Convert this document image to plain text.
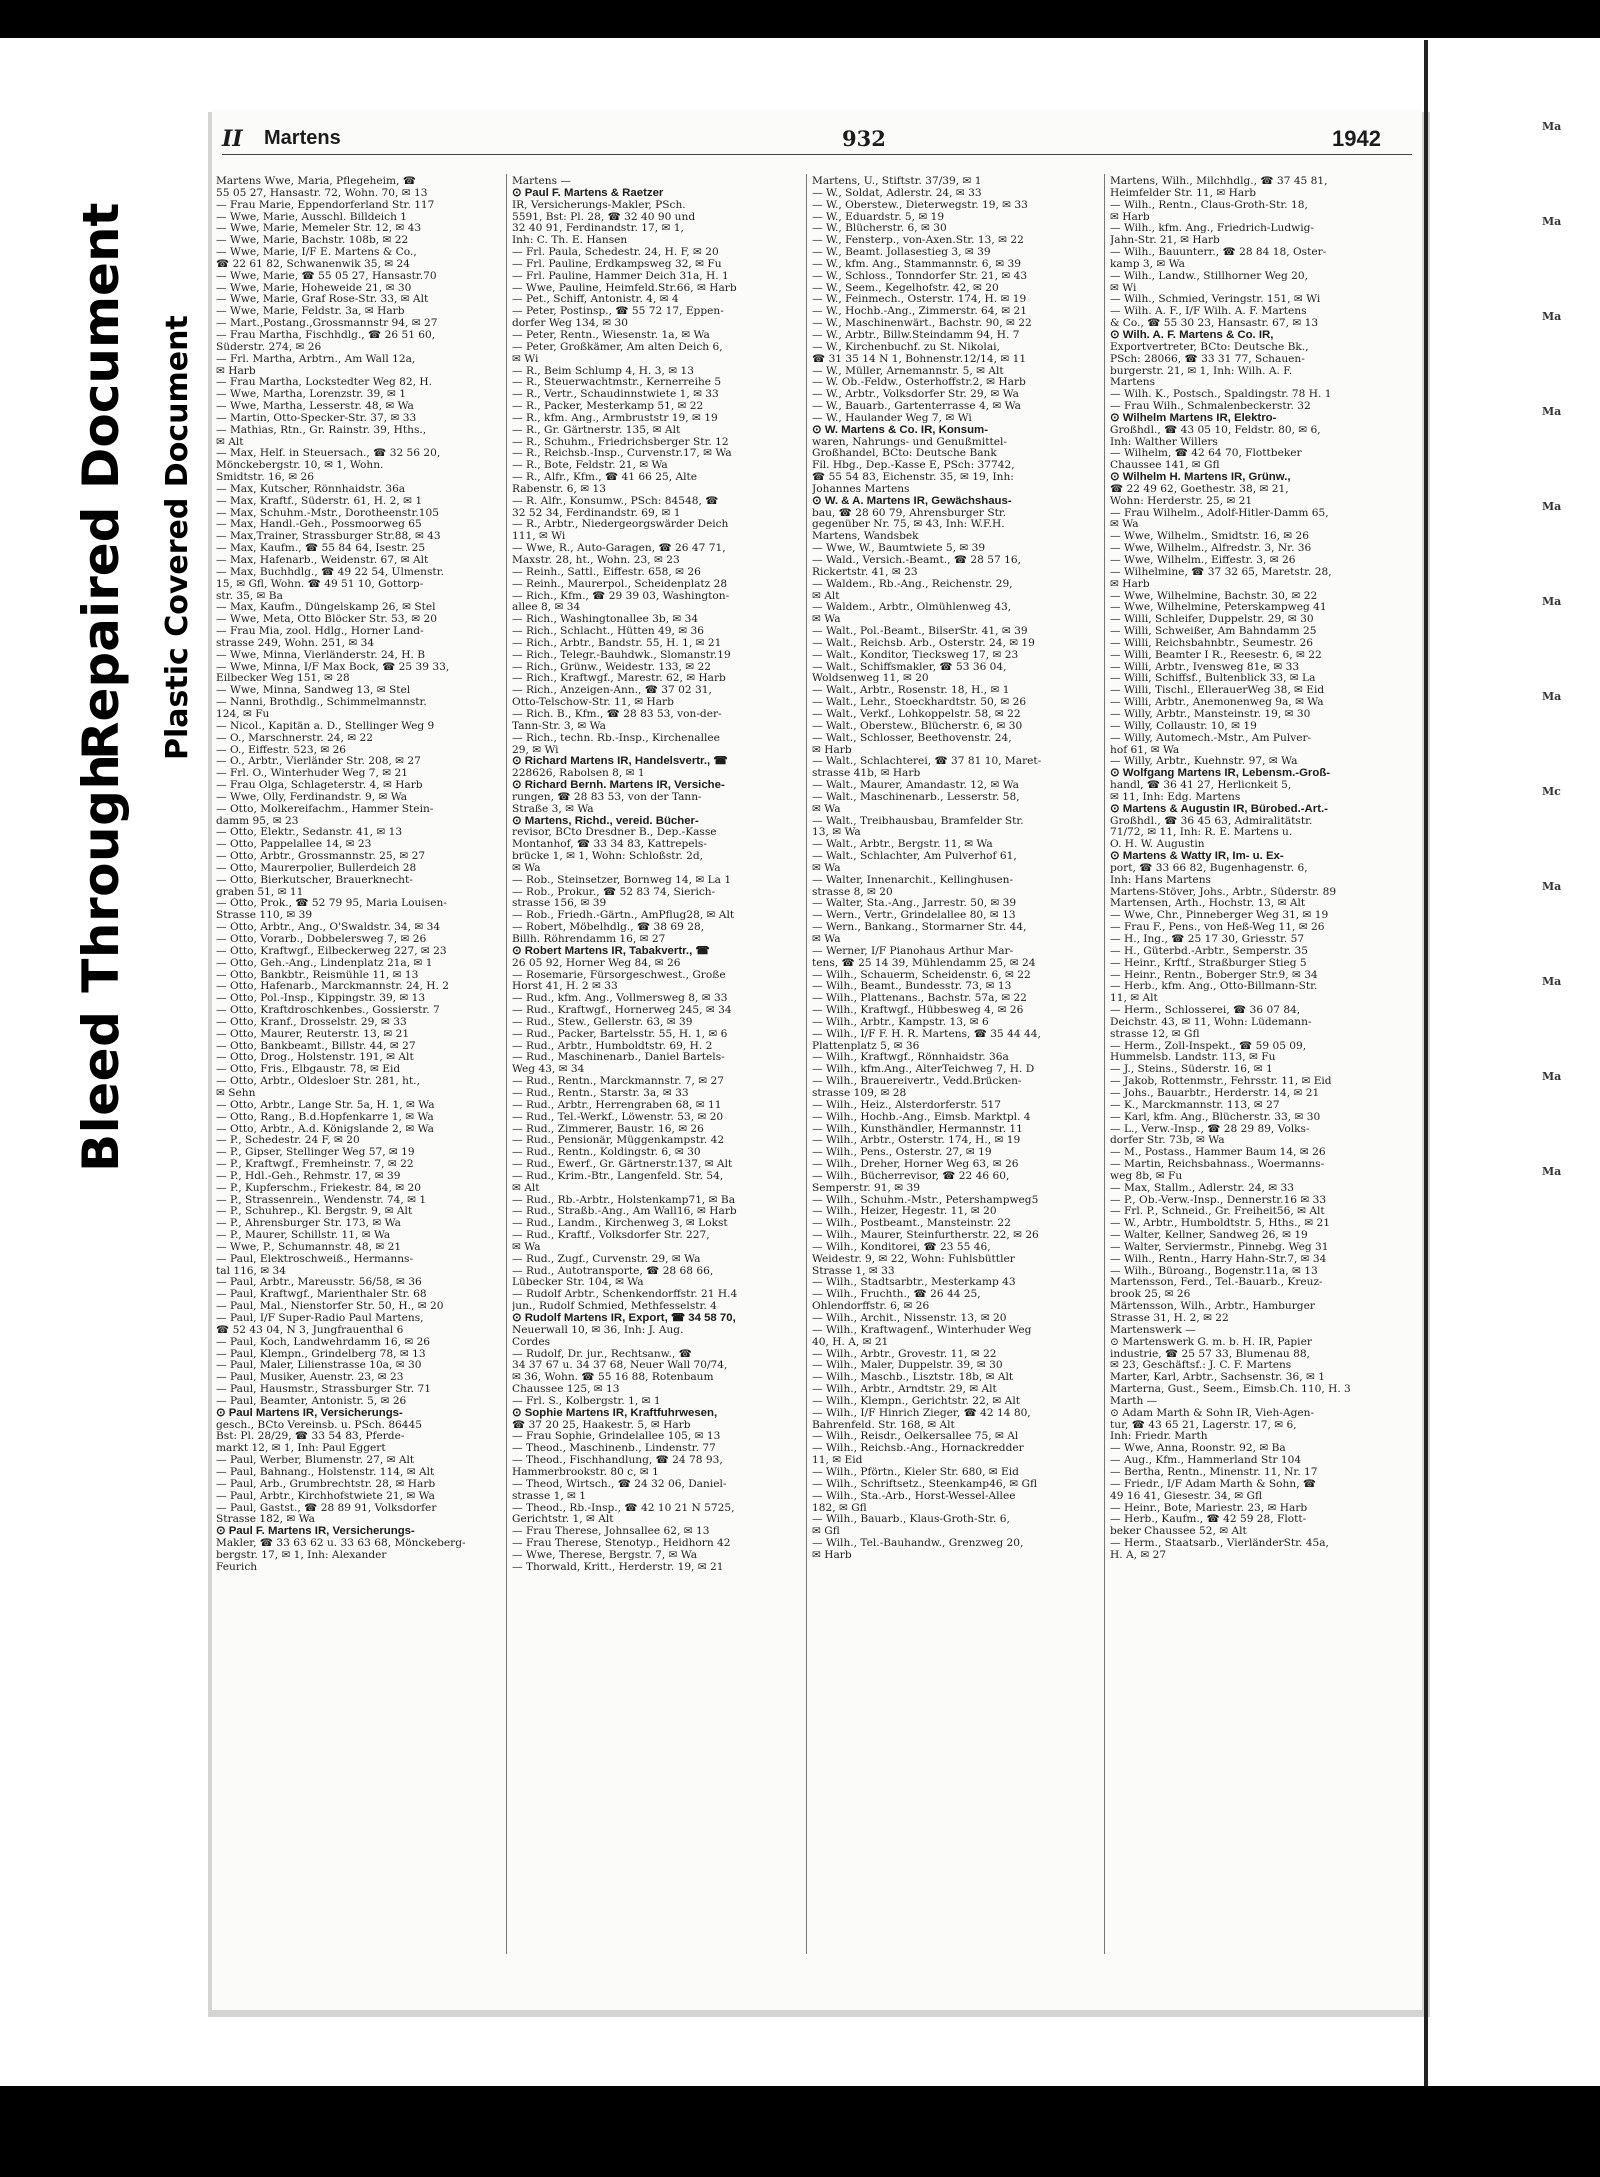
II Martens	932	1942
Martens Wwe, Maria, Pflegeheim, ☎
55 05 27, Hansastr. 72, Wohn. 70, ✉ 13
— Frau Marie, Eppendorferland Str. 117
— Wwe, Marie, Ausschl. Billdeich 1
— Wwe, Marie, Memeler Str. 12, ✉ 43
— Wwe, Marie, Bachstr. 108b, ✉ 22
— Wwe, Marie, I/F E. Martens & Co.,
☎ 22 61 82, Schwanenwik 35, ✉ 24
— Wwe, Marie, ☎ 55 05 27, Hansastr.70
— Wwe, Marie, Hoheweide 21, ✉ 30
— Wwe, Marie, Graf Rose-Str. 33, ✉ Alt
— Wwe, Marie, Feldstr. 3a, ✉ Harb
— Mart.,Postang.,Grossmannstr 94, ✉ 27
— Frau Martha, Fischhdlg., ☎ 26 51 60,
Süderstr. 274, ✉ 26
— Frl. Martha, Arbtrn., Am Wall 12a,
✉ Harb
— Frau Martha, Lockstedter Weg 82, H.
— Wwe, Martha, Lorenzstr. 39, ✉ 1
— Wwe, Martha, Lesserstr. 48, ✉ Wa
— Martin, Otto-Specker-Str. 37, ✉ 33
— Mathias, Rtn., Gr. Rainstr. 39, Hths.,
✉ Alt
— Max, Helf. in Steuersach., ☎ 32 56 20,
Mönckebergstr. 10, ✉ 1, Wohn.
Smidtstr. 16, ✉ 26
— Max, Kutscher, Rönnhaidstr. 36a
— Max, Kraftf., Süderstr. 61, H. 2, ✉ 1
— Max, Schuhm.-Mstr., Dorotheenstr.105
— Max, Handl.-Geh., Possmoorweg 65
— Max,Trainer, Strassburger Str.88, ✉ 43
— Max, Kaufm., ☎ 55 84 64, Isestr. 25
— Max, Hafenarb., Weidenstr. 67, ✉ Alt
— Max, Buchhdlg., ☎ 49 22 54, Ulmenstr.
15, ✉ Gfl, Wohn. ☎ 49 51 10, Gottorp-
str. 35, ✉ Ba
— Max, Kaufm., Düngelskamp 26, ✉ Stel
— Wwe, Meta, Otto Blöcker Str. 53, ✉ 20
— Frau Mia, zool. Hdlg., Horner Land-
strasse 249, Wohn. 251, ✉ 34
— Wwe, Minna, Vierländerstr. 24, H. B
— Wwe, Minna, I/F Max Bock, ☎ 25 39 33,
Eilbecker Weg 151, ✉ 28
— Wwe, Minna, Sandweg 13, ✉ Stel
— Nanni, Brothdlg., Schimmelmannstr.
124, ✉ Fu
— Nicol., Kapitän a. D., Stellinger Weg 9
— O., Marschnerstr. 24, ✉ 22
— O., Eiffestr. 523, ✉ 26
— O., Arbtr., Vierländer Str. 208, ✉ 27
— Frl. O., Winterhuder Weg 7, ✉ 21
— Frau Olga, Schlageterstr. 4, ✉ Harb
— Wwe, Olly, Ferdinandstr. 9, ✉ Wa
— Otto, Molkereifachm., Hammer Stein-
damm 95, ✉ 23
— Otto, Elektr., Sedanstr. 41, ✉ 13
— Otto, Pappelallee 14, ✉ 23
— Otto, Arbtr., Grossmannstr. 25, ✉ 27
— Otto, Maurerpolier, Bullerdeich 28
— Otto, Bierkutscher, Brauerknecht-
graben 51, ✉ 11
— Otto, Prok., ☎ 52 79 95, Maria Louisen-
Strasse 110, ✉ 39
— Otto, Arbtr., Ang., O'Swaldstr. 34, ✉ 34
— Otto, Vorarb., Dobbelersweg 7, ✉ 26
— Otto, Kraftwgf., Eilbeckerweg 227, ✉ 23
— Otto, Geh.-Ang., Lindenplatz 21a, ✉ 1
— Otto, Bankbtr., Reismühle 11, ✉ 13
— Otto, Hafenarb., Marckmannstr. 24, H. 2
— Otto, Pol.-Insp., Kippingstr. 39, ✉ 13
— Otto, Kraftdroschkenbes., Gossierstr. 7
— Otto, Kranf., Drosselstr. 29, ✉ 33
— Otto, Maurer, Reuterstr. 13, ✉ 21
— Otto, Bankbeamt., Billstr. 44, ✉ 27
— Otto, Drog., Holstenstr. 191, ✉ Alt
— Otto, Fris., Elbgaustr. 78, ✉ Eid
— Otto, Arbtr., Oldesloer Str. 281, ht.,
✉ Sehn
— Otto, Arbtr., Lange Str. 5a, H. 1, ✉ Wa
— Otto, Rang., B.d.Hopfenkarre 1, ✉ Wa
— Otto, Arbtr., A.d. Königslande 2, ✉ Wa
— P., Schedestr. 24 F, ✉ 20
— P., Gipser, Stellinger Weg 57, ✉ 19
— P., Kraftwgf., Fremheinstr. 7, ✉ 22
— P., Hdl.-Geh., Rehmstr. 17, ✉ 39
— P., Kupferschm., Friekestr. 84, ✉ 20
— P., Strassenrein., Wendenstr. 74, ✉ 1
— P., Schuhrep., Kl. Bergstr. 9, ✉ Alt
— P., Ahrensburger Str. 173, ✉ Wa
— P., Maurer, Schillstr. 11, ✉ Wa
— Wwe, P., Schumannstr. 48, ✉ 21
— Paul, Elektroschweiß., Hermanns-
tal 116, ✉ 34
— Paul, Arbtr., Mareusstr. 56/58, ✉ 36
— Paul, Kraftwgf., Marienthaler Str. 68
— Paul, Mal., Nienstorfer Str. 50, H., ✉ 20
— Paul, I/F Super-Radio Paul Martens,
☎ 52 43 04, N 3, Jungfrauenthal 6
— Paul, Koch, Landwehrdamm 16, ✉ 26
— Paul, Klempn., Grindelberg 78, ✉ 13
— Paul, Maler, Lilienstrasse 10a, ✉ 30
— Paul, Musiker, Auenstr. 23, ✉ 23
— Paul, Hausmstr., Strassburger Str. 71
— Paul, Beamter, Antonistr. 5, ✉ 26
⊙ Paul Martens IR, Versicherungs-
gesch., BCto Vereinsb. u. PSch. 86445
Bst: Pl. 28/29, ☎ 33 54 83, Pferde-
markt 12, ✉ 1, Inh: Paul Eggert
— Paul, Werber, Blumenstr. 27, ✉ Alt
— Paul, Bahnang., Holstenstr. 114, ✉ Alt
— Paul, Arb., Grumbrechtstr. 28, ✉ Harb
— Paul, Arbtr., Kirchhofstwiete 21, ✉ Wa
— Paul, Gastst., ☎ 28 89 91, Volksdorfer
Strasse 182, ✉ Wa
⊙ Paul F. Martens IR, Versicherungs-
Makler, ☎ 33 63 62 u. 33 63 68, Mönckeberg-
bergstr. 17, ✉ 1, Inh: Alexander
Feurich
Martens —
⊙ Paul F. Martens & Raetzer
IR, Versicherungs-Makler, PSch.
5591, Bst: Pl. 28, ☎ 32 40 90 und
32 40 91, Ferdinandstr. 17, ✉ 1,
Inh: C. Th. E. Hansen
— Frl. Paula, Schedestr. 24, H. F, ✉ 20
— Frl. Pauline, Erdkampsweg 32, ✉ Fu
— Frl. Pauline, Hammer Deich 31a, H. 1
— Wwe, Pauline, Heimfeld.Str.66, ✉ Harb
— Pet., Schiff, Antonistr. 4, ✉ 4
— Peter, Postinsp., ☎ 55 72 17, Eppen-
dorfer Weg 134, ✉ 30
— Peter, Rentn., Wiesenstr. 1a, ✉ Wa
— Peter, Großkämer, Am alten Deich 6,
✉ Wi
— R., Beim Schlump 4, H. 3, ✉ 13
— R., Steuerwachtmstr., Kernerreihe 5
— R., Vertr., Schaudinnstwiete 1, ✉ 33
— R., Packer, Mesterkamp 51, ✉ 22
— R., kfm. Ang., Armbruststr 19, ✉ 19
— R., Gr. Gärtnerstr. 135, ✉ Alt
— R., Schuhm., Friedrichsberger Str. 12
— R., Reichsb.-Insp., Curvenstr.17, ✉ Wa
— R., Bote, Feldstr. 21, ✉ Wa
— R., Alfr., Kfm., ☎ 41 66 25, Alte
Rabenstr. 6, ✉ 13
— R. Alfr., Konsumw., PSch: 84548, ☎
32 52 34, Ferdinandstr. 69, ✉ 1
— R., Arbtr., Niedergeorgswärder Deich
111, ✉ Wi
— Wwe, R., Auto-Garagen, ☎ 26 47 71,
Maxstr. 28, ht., Wohn. 23, ✉ 23
— Reinh., Sattl., Eiffestr. 658, ✉ 26
— Reinh., Maurerpol., Scheidenplatz 28
— Rich., Kfm., ☎ 29 39 03, Washington-
allee 8, ✉ 34
— Rich., Washingtonallee 3b, ✉ 34
— Rich., Schlacht., Hütten 49, ✉ 36
— Rich., Arbtr., Bandstr. 55, H. 1, ✉ 21
— Rich., Telegr.-Bauhdwk., Slomanstr.19
— Rich., Grünw., Weidestr. 133, ✉ 22
— Rich., Kraftwgf., Marestr. 62, ✉ Harb
— Rich., Anzeigen-Ann., ☎ 37 02 31,
Otto-Telschow-Str. 11, ✉ Harb
— Rich. B., Kfm., ☎ 28 83 53, von-der-
Tann-Str. 3, ✉ Wa
— Rich., techn. Rb.-Insp., Kirchenallee
29, ✉ Wi
⊙ Richard Martens IR, Handelsvertr., ☎
228626, Rabolsen 8, ✉ 1
⊙ Richard Bernh. Martens IR, Versiche-
rungen, ☎ 28 83 53, von der Tann-
Straße 3, ✉ Wa
⊙ Martens, Richd., vereid. Bücher-
revisor, BCto Dresdner B., Dep.-Kasse
Montanhof, ☎ 33 34 83, Kattrepels-
brücke 1, ✉ 1, Wohn: Schloßstr. 2d,
✉ Wa
— Rob., Steinsetzer, Bornweg 14, ✉ La 1
— Rob., Prokur., ☎ 52 83 74, Sierich-
strasse 156, ✉ 39
— Rob., Friedh.-Gärtn., AmPflug28, ✉ Alt
— Robert, Möbelhdlg., ☎ 38 69 28,
Billh. Röhrendamm 16, ✉ 27
⊙ Robert Martens IR, Tabakvertr., ☎
26 05 92, Horner Weg 84, ✉ 26
— Rosemarie, Fürsorgeschwest., Große
Horst 41, H. 2 ✉ 33
— Rud., kfm. Ang., Vollmersweg 8, ✉ 33
— Rud., Kraftwgf., Hornerweg 245, ✉ 34
— Rud., Stew., Gellerstr. 63, ✉ 39
— Rud., Packer, Bartelsstr. 55, H. 1, ✉ 6
— Rud., Arbtr., Humboldtstr. 69, H. 2
— Rud., Maschinenarb., Daniel Bartels-
Weg 43, ✉ 34
— Rud., Rentn., Marckmannstr. 7, ✉ 27
— Rud., Rentn., Starstr. 3a, ✉ 33
— Rud., Arbtr., Herrengraben 68, ✉ 11
— Rud., Tel.-Werkf., Löwenstr. 53, ✉ 20
— Rud., Zimmerer, Baustr. 16, ✉ 26
— Rud., Pensionär, Müggenkampstr. 42
— Rud., Rentn., Koldingstr. 6, ✉ 30
— Rud., Ewerf., Gr. Gärtnerstr.137, ✉ Alt
— Rud., Krim.-Btr., Langenfeld. Str. 54,
✉ Alt
— Rud., Rb.-Arbtr., Holstenkamp71, ✉ Ba
— Rud., Straßb.-Ang., Am Wall16, ✉ Harb
— Rud., Landm., Kirchenweg 3, ✉ Lokst
— Rud., Kraftf., Volksdorfer Str. 227,
✉ Wa
— Rud., Zugf., Curvenstr. 29, ✉ Wa
— Rud., Autotransporte, ☎ 28 68 66,
Lübecker Str. 104, ✉ Wa
— Rudolf Arbtr., Schenkendorffstr. 21 H.4
jun., Rudolf Schmied, Methfesselstr. 4
⊙ Rudolf Martens IR, Export, ☎ 34 58 70,
Neuerwall 10, ✉ 36, Inh: J. Aug.
Cordes
— Rudolf, Dr. jur., Rechtsanw., ☎
34 37 67 u. 34 37 68, Neuer Wall 70/74,
✉ 36, Wohn. ☎ 55 16 88, Rotenbaum
Chaussee 125, ✉ 13
— Frl. S., Kolbergstr. 1, ✉ 1
⊙ Sophie Martens IR, Kraftfuhrwesen,
☎ 37 20 25, Haakestr. 5, ✉ Harb
— Frau Sophie, Grindelallee 105, ✉ 13
— Theod., Maschinenb., Lindenstr. 77
— Theod., Fischhandlung, ☎ 24 78 93,
Hammerbrookstr. 80 c, ✉ 1
— Theod, Wirtsch., ☎ 24 32 06, Daniel-
strasse 1, ✉ 1
— Theod., Rb.-Insp., ☎ 42 10 21 N 5725,
Gerichtstr. 1, ✉ Alt
— Frau Therese, Johnsallee 62, ✉ 13
— Frau Therese, Stenotyp., Heidhorn 42
— Wwe, Therese, Bergstr. 7, ✉ Wa
— Thorwald, Kritt., Herderstr. 19, ✉ 21
Martens, U., Stiftstr. 37/39, ✉ 1
— W., Soldat, Adlerstr. 24, ✉ 33
— W., Oberstew., Dieterwegstr. 19, ✉ 33
— W., Eduardstr. 5, ✉ 19
— W., Blücherstr. 6, ✉ 30
— W., Fensterp., von-Axen.Str. 13, ✉ 22
— W., Beamt. Jollasestieg 3, ✉ 39
— W., kfm. Ang., Stammannstr. 6, ✉ 39
— W., Schloss., Tonndorfer Str. 21, ✉ 43
— W., Seem., Kegelhofstr. 42, ✉ 20
— W., Feinmech., Osterstr. 174, H. ✉ 19
— W., Hochb.-Ang., Zimmerstr. 64, ✉ 21
— W., Maschinenwärt., Bachstr. 90, ✉ 22
— W., Arbtr., Billw.Steindamm 94, H. 7
— W., Kirchenbuchf. zu St. Nikolai,
☎ 31 35 14 N 1, Bohnenstr.12/14, ✉ 11
— W., Müller, Arnemannstr. 5, ✉ Alt
— W. Ob.-Feldw., Osterhoffstr.2, ✉ Harb
— W., Arbtr., Volksdorfer Str. 29, ✉ Wa
— W., Bauarb., Gartenterrasse 4, ✉ Wa
— W., Haulander Weg 7, ✉ Wi
⊙ W. Martens & Co. IR, Konsum-
waren, Nahrungs- und Genußmittel-
Großhandel, BCto: Deutsche Bank
Fil. Hbg., Dep.-Kasse E, PSch: 37742,
☎ 55 54 83, Eichenstr. 35, ✉ 19, Inh:
Johannes Martens
⊙ W. & A. Martens IR, Gewächshaus-
bau, ☎ 28 60 79, Ahrensburger Str.
gegenüber Nr. 75, ✉ 43, Inh: W.F.H.
Martens, Wandsbek
— Wwe, W., Baumtwiete 5, ✉ 39
— Wald., Versich.-Beamt., ☎ 28 57 16,
Rickertstr. 41, ✉ 23
— Waldem., Rb.-Ang., Reichenstr. 29,
✉ Alt
— Waldem., Arbtr., Ölmühlenweg 43,
✉ Wa
— Walt., Pol.-Beamt., BilserStr. 41, ✉ 39
— Walt., Reichsb. Arb., Osterstr. 24, ✉ 19
— Walt., Konditor, Tiecksweg 17, ✉ 23
— Walt., Schiffsmakler, ☎ 53 36 04,
Woldsenweg 11, ✉ 20
— Walt., Arbtr., Rosenstr. 18, H., ✉ 1
— Walt., Lehr., Stoeckhardtstr. 50, ✉ 26
— Walt., Verkf., Lohkoppelstr. 58, ✉ 22
— Walt., Oberstew., Blücherstr. 6, ✉ 30
— Walt., Schlosser, Beethovenstr. 24,
✉ Harb
— Walt., Schlachterei, ☎ 37 81 10, Maret-
strasse 41b, ✉ Harb
— Walt., Maurer, Amandastr. 12, ✉ Wa
— Walt., Maschinenarb., Lesserstr. 58,
✉ Wa
— Walt., Treibhausbau, Bramfelder Str.
13, ✉ Wa
— Walt., Arbtr., Bergstr. 11, ✉ Wa
— Walt., Schlachter, Am Pulverhof 61,
✉ Wa
— Walter, Innenarchit., Kellinghusen-
strasse 8, ✉ 20
— Walter, Sta.-Ang., Jarrestr. 50, ✉ 39
— Wern., Vertr., Grindelallee 80, ✉ 13
— Wern., Bankang., Stormarner Str. 44,
✉ Wa
— Werner, I/F Pianohaus Arthur Mar-
tens, ☎ 25 14 39, Mühlendamm 25, ✉ 24
— Wilh., Schauerm, Scheidenstr. 6, ✉ 22
— Wilh., Beamt., Bundesstr. 73, ✉ 13
— Wilh., Plattenans., Bachstr. 57a, ✉ 22
— Wilh., Kraftwgf., Hübbesweg 4, ✉ 26
— Wilh., Arbtr., Kampstr. 13, ✉ 6
— Wilh., I/F F. H. R. Martens, ☎ 35 44 44,
Plattenplatz 5, ✉ 36
— Wilh., Kraftwgf., Rönnhaidstr. 36a
— Wilh., kfm.Ang., AlterTeichweg 7, H. D
— Wilh., Brauereivertr., Vedd.Brücken-
strasse 109, ✉ 28
— Wilh., Heiz., Alsterdorferstr. 517
— Wilh., Hochb.-Ang., Eimsb. Marktpl. 4
— Wilh., Kunsthändler, Hermannstr. 11
— Wilh., Arbtr., Osterstr. 174, H., ✉ 19
— Wilh., Pens., Osterstr. 27, ✉ 19
— Wilh., Dreher, Horner Weg 63, ✉ 26
— Wilh., Bücherrevisor, ☎ 22 46 60,
Semperstr. 91, ✉ 39
— Wilh., Schuhm.-Mstr., Petershampweg5
— Wilh., Heizer, Hegestr. 11, ✉ 20
— Wilh., Postbeamt., Mansteinstr. 22
— Wilh., Maurer, Steinfurtherstr. 22, ✉ 26
— Wilh., Konditorei, ☎ 23 55 46,
Weidestr. 9, ✉ 22, Wohn: Fuhlsbüttler
Strasse 1, ✉ 33
— Wilh., Stadtsarbtr., Mesterkamp 43
— Wilh., Fruchth., ☎ 26 44 25,
Ohlendorffstr. 6, ✉ 26
— Wilh., Archit., Nissenstr. 13, ✉ 20
— Wilh., Kraftwagenf., Winterhuder Weg
40, H. A, ✉ 21
— Wilh., Arbtr., Grovestr. 11, ✉ 22
— Wilh., Maler, Duppelstr. 39, ✉ 30
— Wilh., Maschb., Lisztstr. 18b, ✉ Alt
— Wilh., Arbtr., Arndtstr. 29, ✉ Alt
— Wilh., Klempn., Gerichtstr. 22, ✉ Alt
— Wilh., I/F Hinrich Zieger, ☎ 42 14 80,
Bahrenfeld. Str. 168, ✉ Alt
— Wilh., Reisdr., Oelkersallee 75, ✉ Al
— Wilh., Reichsb.-Ang., Hornackredder
11, ✉ Eid
— Wilh., Pförtn., Kieler Str. 680, ✉ Eid
— Wilh., Schriftsetz., Steenkamp46, ✉ Gfl
— Wilh., Sta.-Arb., Horst-Wessel-Allee
182, ✉ Gfl
— Wilh., Bauarb., Klaus-Groth-Str. 6,
✉ Gfl
— Wilh., Tel.-Bauhandw., Grenzweg 20,
✉ Harb
Martens, Wilh., Milchhdlg., ☎ 37 45 81,
Heimfelder Str. 11, ✉ Harb
— Wilh., Rentn., Claus-Groth-Str. 18,
✉ Harb
— Wilh., kfm. Ang., Friedrich-Ludwig-
Jahn-Str. 21, ✉ Harb
— Wilh., Bauunterr., ☎ 28 84 18, Oster-
kamp 3, ✉ Wa
— Wilh., Landw., Stillhorner Weg 20,
✉ Wi
— Wilh., Schmied, Veringstr. 151, ✉ Wi
— Wilh. A. F., I/F Wilh. A. F. Martens
& Co., ☎ 55 30 23, Hansastr. 67, ✉ 13
⊙ Wilh. A. F. Martens & Co. IR,
Exportvertreter, BCto: Deutsche Bk.,
PSch: 28066, ☎ 33 31 77, Schauen-
burgerstr. 21, ✉ 1, Inh: Wilh. A. F.
Martens
— Wilh. K., Postsch., Spaldingstr. 78 H. 1
— Frau Wilh., Schmalenbeckerstr. 32
⊙ Wilhelm Martens IR, Elektro-
Großhdl., ☎ 43 05 10, Feldstr. 80, ✉ 6,
Inh: Walther Willers
— Wilhelm, ☎ 42 64 70, Flottbeker
Chaussee 141, ✉ Gfl
⊙ Wilhelm H. Martens IR, Grünw.,
☎ 22 49 62, Goethestr. 38, ✉ 21,
Wohn: Herderstr. 25, ✉ 21
— Frau Wilhelm., Adolf-Hitler-Damm 65,
✉ Wa
— Wwe, Wilhelm., Smidtstr. 16, ✉ 26
— Wwe, Wilhelm., Alfredstr. 3, Nr. 36
— Wwe, Wilhelm., Eiffestr. 3, ✉ 26
— Wilhelmine, ☎ 37 32 65, Maretstr. 28,
✉ Harb
— Wwe, Wilhelmine, Bachstr. 30, ✉ 22
— Wwe, Wilhelmine, Peterskampweg 41
— Willi, Schleifer, Duppelstr. 29, ✉ 30
— Willi, Schweißer, Am Bahndamm 25
— Willi, Reichsbahnbtr., Seumestr. 26
— Willi, Beamter I R., Reesestr. 6, ✉ 22
— Willi, Arbtr., Ivensweg 81e, ✉ 33
— Willi, Schiffsf., Bultenblick 33, ✉ La
— Willi, Tischl., EllerauerWeg 38, ✉ Eid
— Willi, Arbtr., Anemonenweg 9a, ✉ Wa
— Willy, Arbtr., Mansteinstr. 19, ✉ 30
— Willy, Collaustr. 10, ✉ 19
— Willy, Automech.-Mstr., Am Pulver-
hof 61, ✉ Wa
— Willy, Arbtr., Kuehnstr. 97, ✉ Wa
⊙ Wolfgang Martens IR, Lebensm.-Groß-
handl, ☎ 36 41 27, Herlicnkeit 5,
✉ 11, Inh: Edg. Martens
⊙ Martens & Augustin IR, Bürobed.-Art.-
Großhdl., ☎ 36 45 63, Admiralitätstr.
71/72, ✉ 11, Inh: R. E. Martens u.
O. H. W. Augustin
⊙ Martens & Watty IR, Im- u. Ex-
port, ☎ 33 66 82, Bugenhagenstr. 6,
Inh: Hans Martens
Martens-Stöver, Johs., Arbtr., Süderstr. 89
Martensen, Arth., Hochstr. 13, ✉ Alt
— Wwe, Chr., Pinneberger Weg 31, ✉ 19
— Frau F., Pens., von Heß-Weg 11, ✉ 26
— H., Ing., ☎ 25 17 30, Griesstr. 57
— H., Güterbd.-Arbtr., Semperstr. 35
— Heinr., Krftf., Straßburger Stieg 5
— Heinr., Rentn., Boberger Str.9, ✉ 34
— Herb., kfm. Ang., Otto-Billmann-Str.
11, ✉ Alt
— Herm., Schlosserei, ☎ 36 07 84,
Deichstr. 43, ✉ 11, Wohn: Lüdemann-
strasse 12, ✉ Gfl
— Herm., Zoll-Inspekt., ☎ 59 05 09,
Hummelsb. Landstr. 113, ✉ Fu
— J., Steins., Süderstr. 16, ✉ 1
— Jakob, Rottenmstr., Fehrsstr. 11, ✉ Eid
— Johs., Bauarbtr., Herderstr. 14, ✉ 21
— K., Marckmannstr. 113, ✉ 27
— Karl, kfm. Ang., Blücherstr. 33, ✉ 30
— L., Verw.-Insp., ☎ 28 29 89, Volks-
dorfer Str. 73b, ✉ Wa
— M., Postass., Hammer Baum 14, ✉ 26
— Martin, Reichsbahnass., Woermanns-
weg 8b, ✉ Fu
— Max, Stallm., Adlerstr. 24, ✉ 33
— P., Ob.-Verw.-Insp., Dennerstr.16 ✉ 33
— Frl. P., Schneid., Gr. Freiheit56, ✉ Alt
— W., Arbtr., Humboldtstr. 5, Hths., ✉ 21
— Walter, Kellner, Sandweg 26, ✉ 19
— Walter, Serviermstr., Pinnebg. Weg 31
— Wilh., Rentn., Harry Hahn-Str.7, ✉ 34
— Wilh., Büroang., Bogenstr.11a, ✉ 13
Martensson, Ferd., Tel.-Bauarb., Kreuz-
brook 25, ✉ 26
Märtensson, Wilh., Arbtr., Hamburger
Strasse 31, H. 2, ✉ 22
Martenswerk —
⊙ Martenswerk G. m. b. H. IR, Papier
industrie, ☎ 25 57 33, Blumenau 88,
✉ 23, Geschäftsf.: J. C. F. Martens
Marter, Karl, Arbtr., Sachsenstr. 36, ✉ 1
Marterna, Gust., Seem., Eimsb.Ch. 110, H. 3
Marth —
⊙ Adam Marth & Sohn IR, Vieh-Agen-
tur, ☎ 43 65 21, Lagerstr. 17, ✉ 6,
Inh: Friedr. Marth
— Wwe, Anna, Roonstr. 92, ✉ Ba
— Aug., Kfm., Hammerland Str 104
— Bertha, Rentn., Minenstr. 11, Nr. 17
— Friedr., I/F Adam Marth & Sohn, ☎
49 16 41, Giesestr. 34, ✉ Gfl
— Heinr., Bote, Mariestr. 23, ✉ Harb
— Herb., Kaufm., ☎ 42 59 28, Flott-
beker Chaussee 52, ✉ Alt
— Herm., Staatsarb., VierländerStr. 45a,
H. A, ✉ 27
Ma
Ma
Ma
Ma
Ma
Ma
Ma
Mc
Ma
Ma
Ma
Ma
Bleed Through
Repaired Document Plastic Covered Document
